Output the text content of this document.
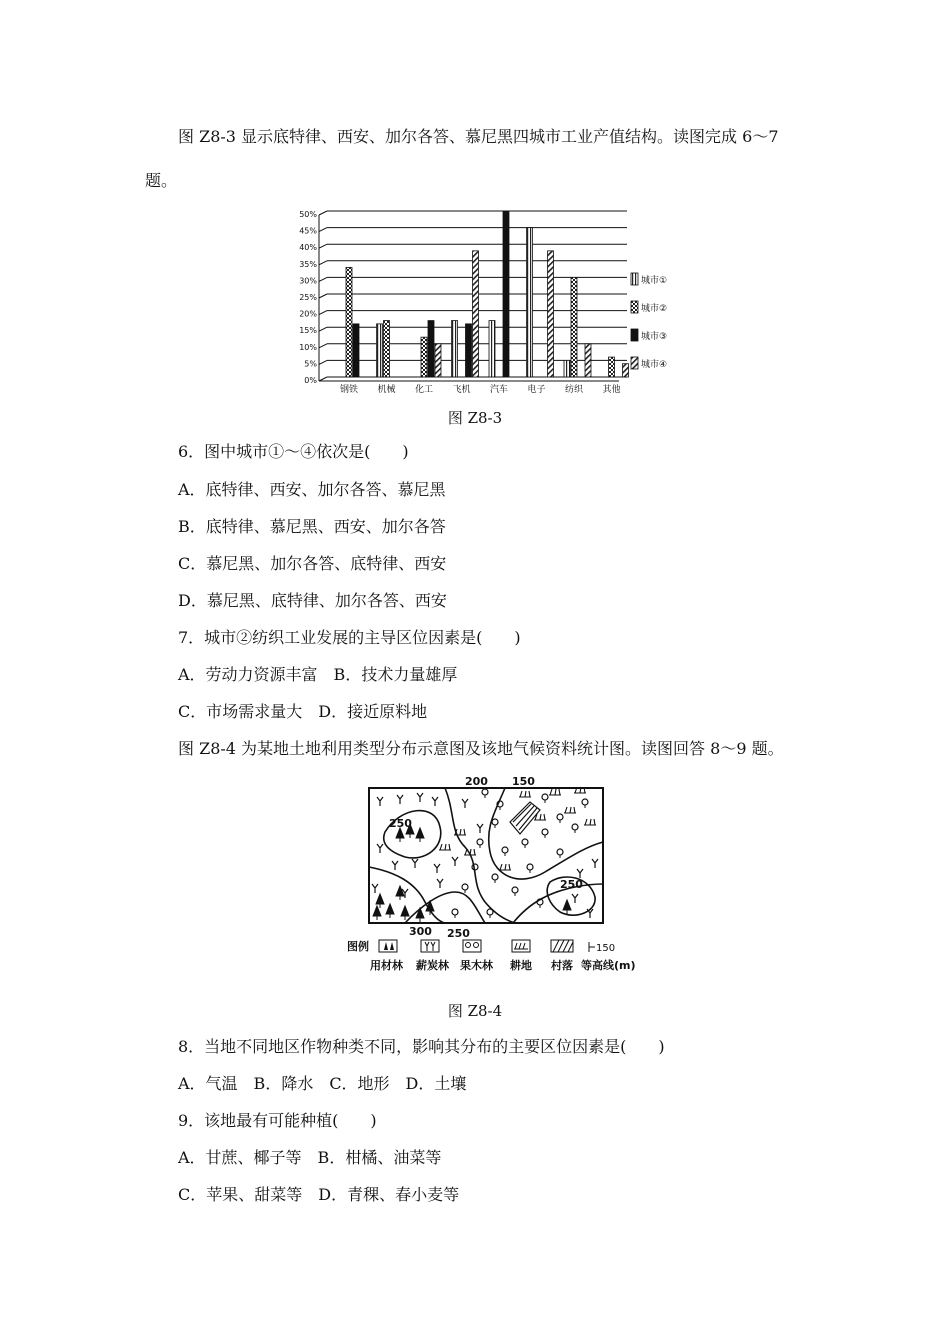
图 Z8-3 显示底特律、西安、加尔各答、慕尼黑四城市工业产值结构。读图完成 6～7
题。
0%
5%
10%
15%
20%
25%
30%
35%
40%
45%
50%
钢铁 机械 化工 飞机 汽车 电子 纺织 其他
城市①
城市②
城市③
城市④
图 Z8-3
6．图中城市①～④依次是(　　)
A．底特律、西安、加尔各答、慕尼黑
B．底特律、慕尼黑、西安、加尔各答
C．慕尼黑、加尔各答、底特律、西安
D．慕尼黑、底特律、加尔各答、西安
7．城市②纺织工业发展的主导区位因素是(　　)
A．劳动力资源丰富　B．技术力量雄厚
C．市场需求量大　D．接近原料地
图 Z8-4 为某地土地利用类型分布示意图及该地气候资料统计图。读图回答 8～9 题。
200 150
250
250
300 250
图例	150
用材林 薪炭林 果木林 耕地 村落 等高线(m)
图 Z8-4
8．当地不同地区作物种类不同，影响其分布的主要区位因素是(　　)
A．气温　B．降水　C．地形　D．土壤
9．该地最有可能种植(　　)
A．甘蔗、椰子等　B．柑橘、油菜等
C．苹果、甜菜等　D．青稞、春小麦等
